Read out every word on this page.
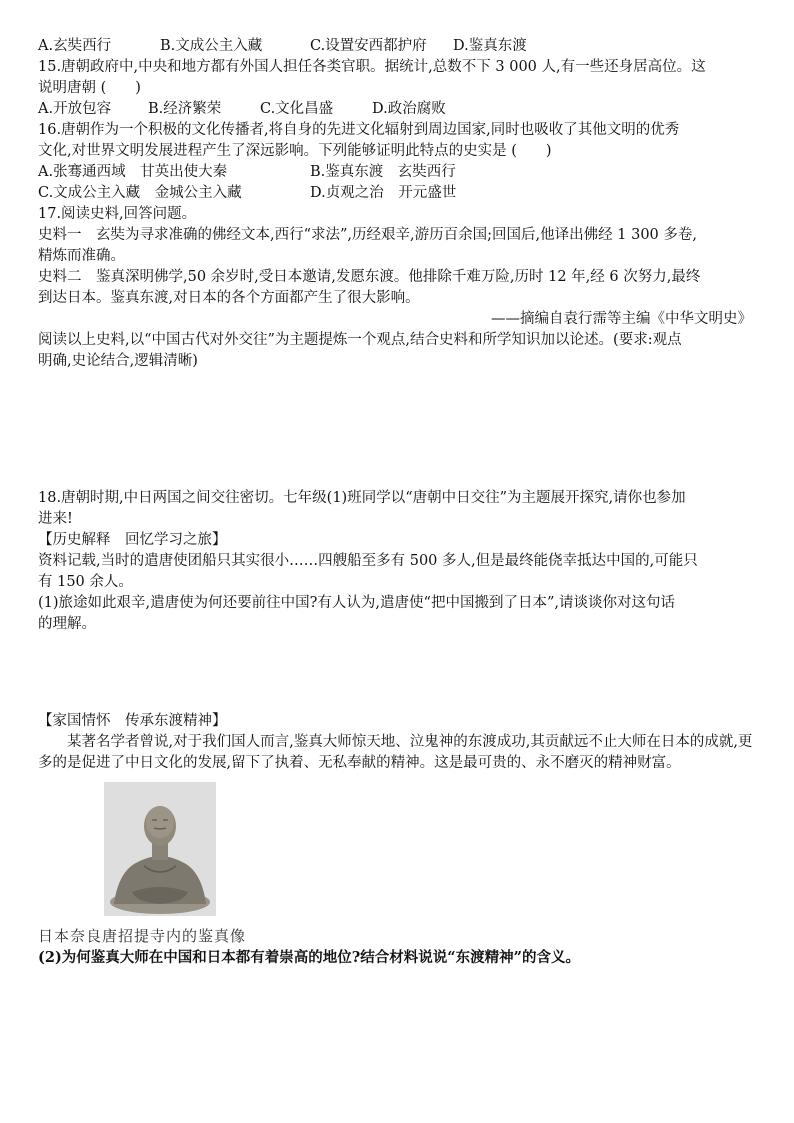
A.玄奘西行	B.文成公主入藏	C.设置安西都护府	D.鉴真东渡
15.唐朝政府中,中央和地方都有外国人担任各类官职。据统计,总数不下 3 000 人,有一些还身居高位。这
说明唐朝 (　　)
A.开放包容	B.经济繁荣	C.文化昌盛	D.政治腐败
16.唐朝作为一个积极的文化传播者,将自身的先进文化辐射到周边国家,同时也吸收了其他文明的优秀
文化,对世界文明发展进程产生了深远影响。下列能够证明此特点的史实是 (　　)
A.张骞通西域　甘英出使大秦	B.鉴真东渡　玄奘西行
C.文成公主入藏　金城公主入藏	D.贞观之治　开元盛世
17.阅读史料,回答问题。
史料一　玄奘为寻求准确的佛经文本,西行“求法”,历经艰辛,游历百余国;回国后,他译出佛经 1 300 多卷,
精炼而准确。
史料二　鉴真深明佛学,50 余岁时,受日本邀请,发愿东渡。他排除千难万险,历时 12 年,经 6 次努力,最终
到达日本。鉴真东渡,对日本的各个方面都产生了很大影响。
——摘编自袁行霈等主编《中华文明史》
阅读以上史料,以“中国古代对外交往”为主题提炼一个观点,结合史料和所学知识加以论述。(要求:观点
明确,史论结合,逻辑清晰)
18.唐朝时期,中日两国之间交往密切。七年级(1)班同学以“唐朝中日交往”为主题展开探究,请你也参加
进来!
【历史解释　回忆学习之旅】
资料记载,当时的遣唐使团船只其实很小……四艘船至多有 500 多人,但是最终能侥幸抵达中国的,可能只
有 150 余人。
(1)旅途如此艰辛,遣唐使为何还要前往中国?有人认为,遣唐使“把中国搬到了日本”,请谈谈你对这句话
的理解。
【家国情怀　传承东渡精神】
某著名学者曾说,对于我们国人而言,鉴真大师惊天地、泣鬼神的东渡成功,其贡献远不止大师在日本的成就,更多的是促进了中日文化的发展,留下了执着、无私奉献的精神。这是最可贵的、永不磨灭的精神财富。
日本奈良唐招提寺内的鉴真像
(2)为何鉴真大师在中国和日本都有着崇高的地位?结合材料说说“东渡精神”的含义。
